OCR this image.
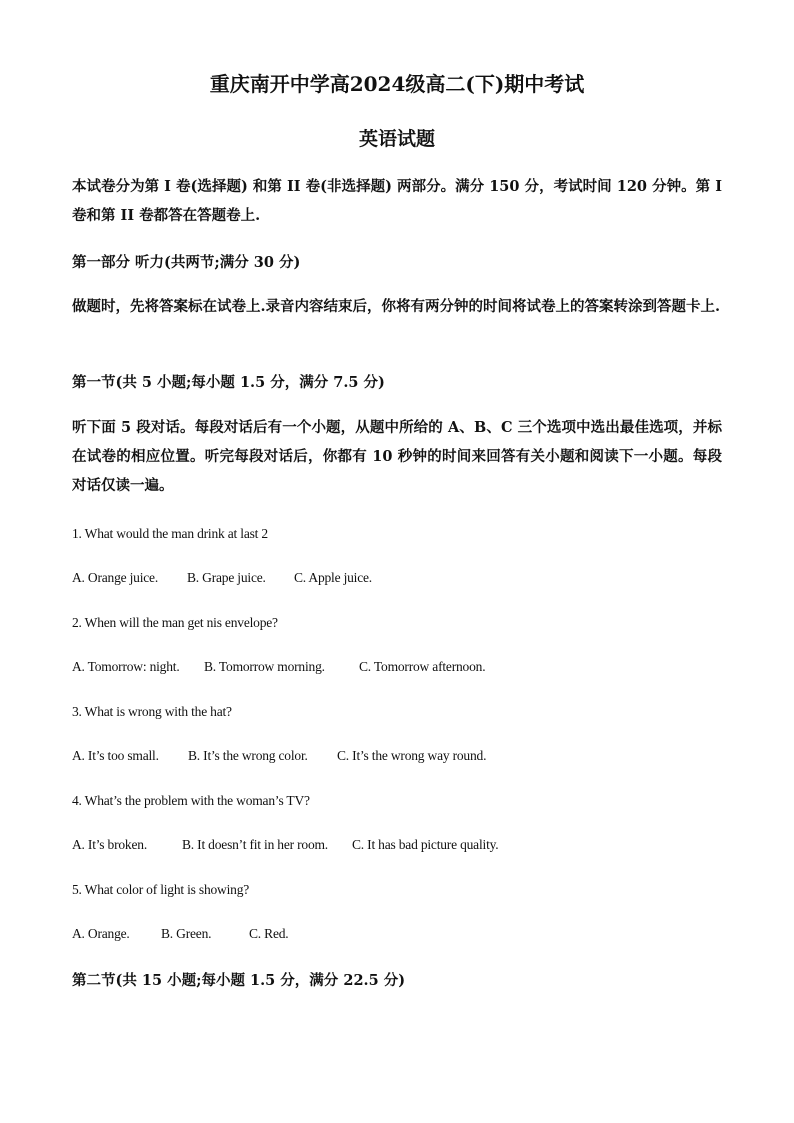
重庆南开中学高2024级高二(下)期中考试
英语试题
本试卷分为第 I 卷(选择题) 和第 II 卷(非选择题) 两部分。满分 150 分，考试时间 120 分钟。第 I 卷和第 II 卷都答在答题卷上.
第一部分 听力(共两节;满分 30 分)
做题时，先将答案标在试卷上.录音内容结束后，你将有两分钟的时间将试卷上的答案转涂到答题卡上.
第一节(共 5 小题;每小题 1.5 分，满分 7.5 分)
听下面 5 段对话。每段对话后有一个小题，从题中所给的 A、B、C 三个选项中选出最佳选项，并标在试卷的相应位置。听完每段对话后，你都有 10 秒钟的时间来回答有关小题和阅读下一小题。每段对话仅读一遍。
1. What would the man drink at last 2
A. Orange juice. B. Grape juice. C. Apple juice.
2. When will the man get nis envelope?
A. Tomorrow: night. B. Tomorrow morning.	C. Tomorrow afternoon.
3. What is wrong with the hat?
A. It’s too small. B. It’s the wrong color. C. It’s the wrong way round.
4. What’s the problem with the woman’s TV?
A. It’s broken.	B. It doesn’t fit in her room. C. It has bad picture quality.
5. What color of light is showing?
A. Orange. B. Green.	C. Red.
第二节(共 15 小题;每小题 1.5 分，满分 22.5 分)
